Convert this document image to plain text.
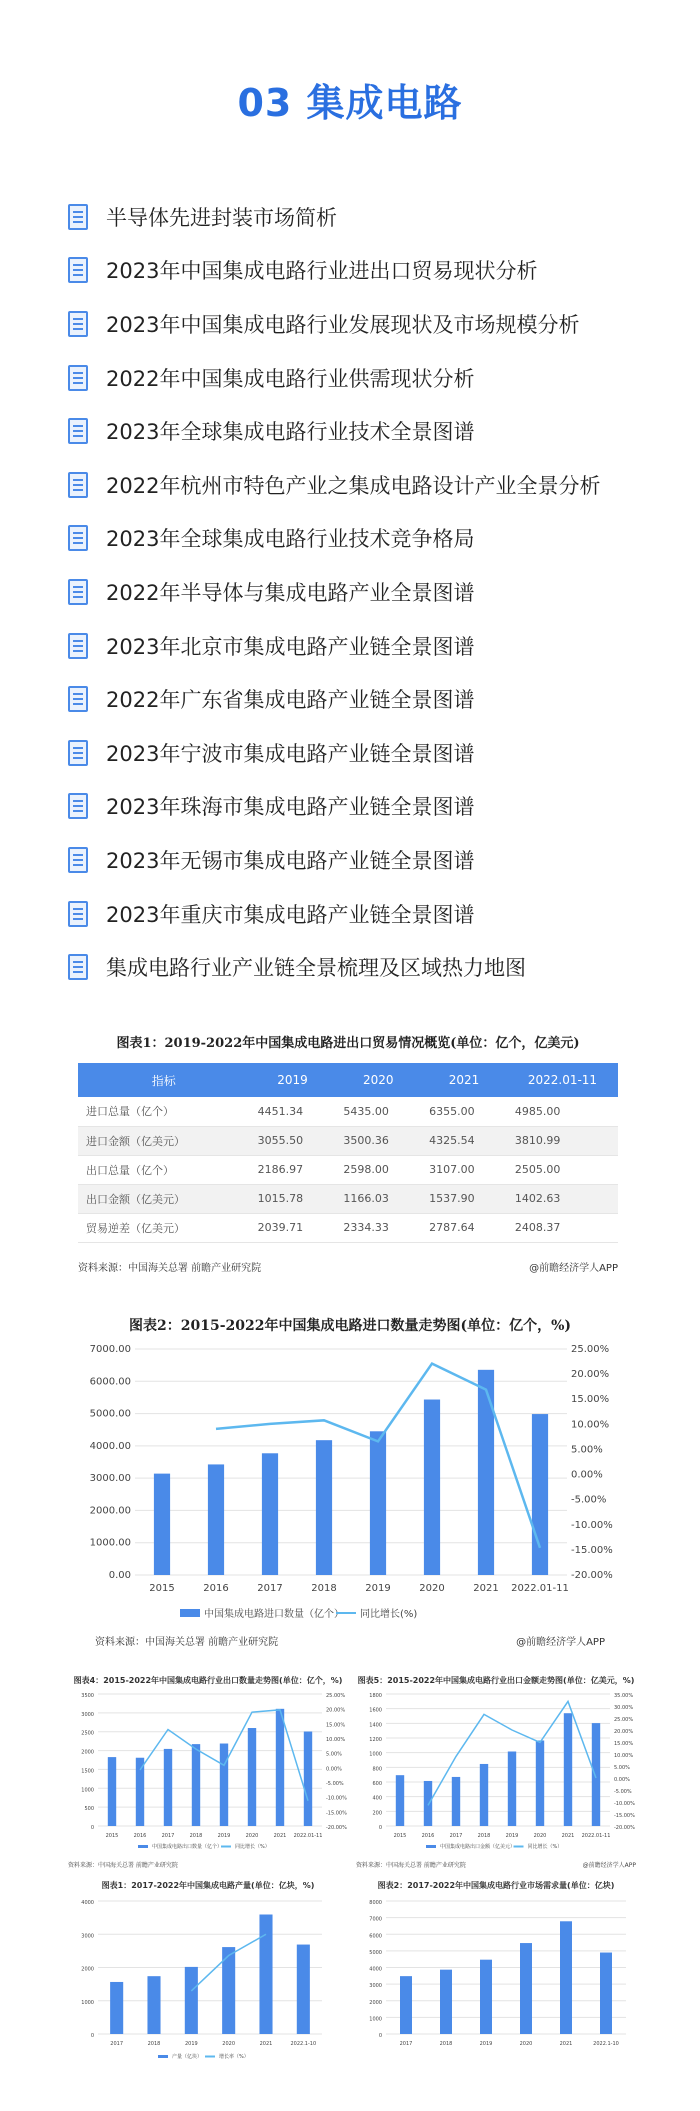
03 集成电路
半导体先进封装市场简析
2023年中国集成电路行业进出口贸易现状分析
2023年中国集成电路行业发展现状及市场规模分析
2022年中国集成电路行业供需现状分析
2023年全球集成电路行业技术全景图谱
2022年杭州市特色产业之集成电路设计产业全景分析
2023年全球集成电路行业技术竞争格局
2022年半导体与集成电路产业全景图谱
2023年北京市集成电路产业链全景图谱
2022年广东省集成电路产业链全景图谱
2023年宁波市集成电路产业链全景图谱
2023年珠海市集成电路产业链全景图谱
2023年无锡市集成电路产业链全景图谱
2023年重庆市集成电路产业链全景图谱
集成电路行业产业链全景梳理及区域热力地图
图表1：2019-2022年中国集成电路进出口贸易情况概览(单位：亿个，亿美元)
指标	2019	2020	2021	2022.01-11
进口总量（亿个）	4451.34	5435.00	6355.00	4985.00
进口金额（亿美元）	3055.50	3500.36	4325.54	3810.99
出口总量（亿个）	2186.97	2598.00	3107.00	2505.00
出口金额（亿美元）	1015.78	1166.03	1537.90	1402.63
贸易逆差（亿美元）	2039.71	2334.33	2787.64	2408.37
资料来源：中国海关总署 前瞻产业研究院	@前瞻经济学人APP
图表2：2015-2022年中国集成电路进口数量走势图(单位：亿个，%)
0.00
1000.00
2000.00
3000.00
4000.00
5000.00
6000.00
7000.00
-20.00%
-15.00%
-10.00%
-5.00%
0.00%
5.00%
10.00%
15.00%
20.00%
25.00%
2015	2016	2017	2018	2019	2020	2021 2022.01-11
中国集成电路进口数量（亿个） 同比增长(%)
资料来源：中国海关总署 前瞻产业研究院	@前瞻经济学人APP
图表4：2015-2022年中国集成电路行业出口数量走势图(单位：亿个，%)
0
500
1000
1500
2000
2500
3000
3500
-20.00%
-15.00%
-10.00%
-5.00%
0.00%
5.00%
10.00%
15.00%
20.00%
25.00%
2015	2016	2017	2018	2019	2020	2021 2022.01-11
中国集成电路出口数量（亿个）	同比增长（%）
资料来源：中国海关总署 前瞻产业研究院
图表5：2015-2022年中国集成电路行业出口金额走势图(单位：亿美元，%)
0
200
400
600
800
1000
1200
1400
1600
1800
-20.00%
-15.00%
-10.00%
-5.00%
0.00%
5.00%
10.00%
15.00%
20.00%
25.00%
30.00%
35.00%
2015	2016	2017	2018	2019	2020	2021 2022.01-11
中国集成电路出口金额（亿美元） 同比增长（%）
资料来源：中国海关总署 前瞻产业研究院	@前瞻经济学人APP
图表1：2017-2022年中国集成电路产量(单位：亿块，%)
0
1000
2000
3000
4000
2017	2018	2019	2020	2021	2022.1-10
产量（亿块）	增长率（%）
图表2：2017-2022年中国集成电路行业市场需求量(单位：亿块)
0
1000
2000
3000
4000
5000
6000
7000
8000
2017	2018	2019	2020	2021	2022.1-10
